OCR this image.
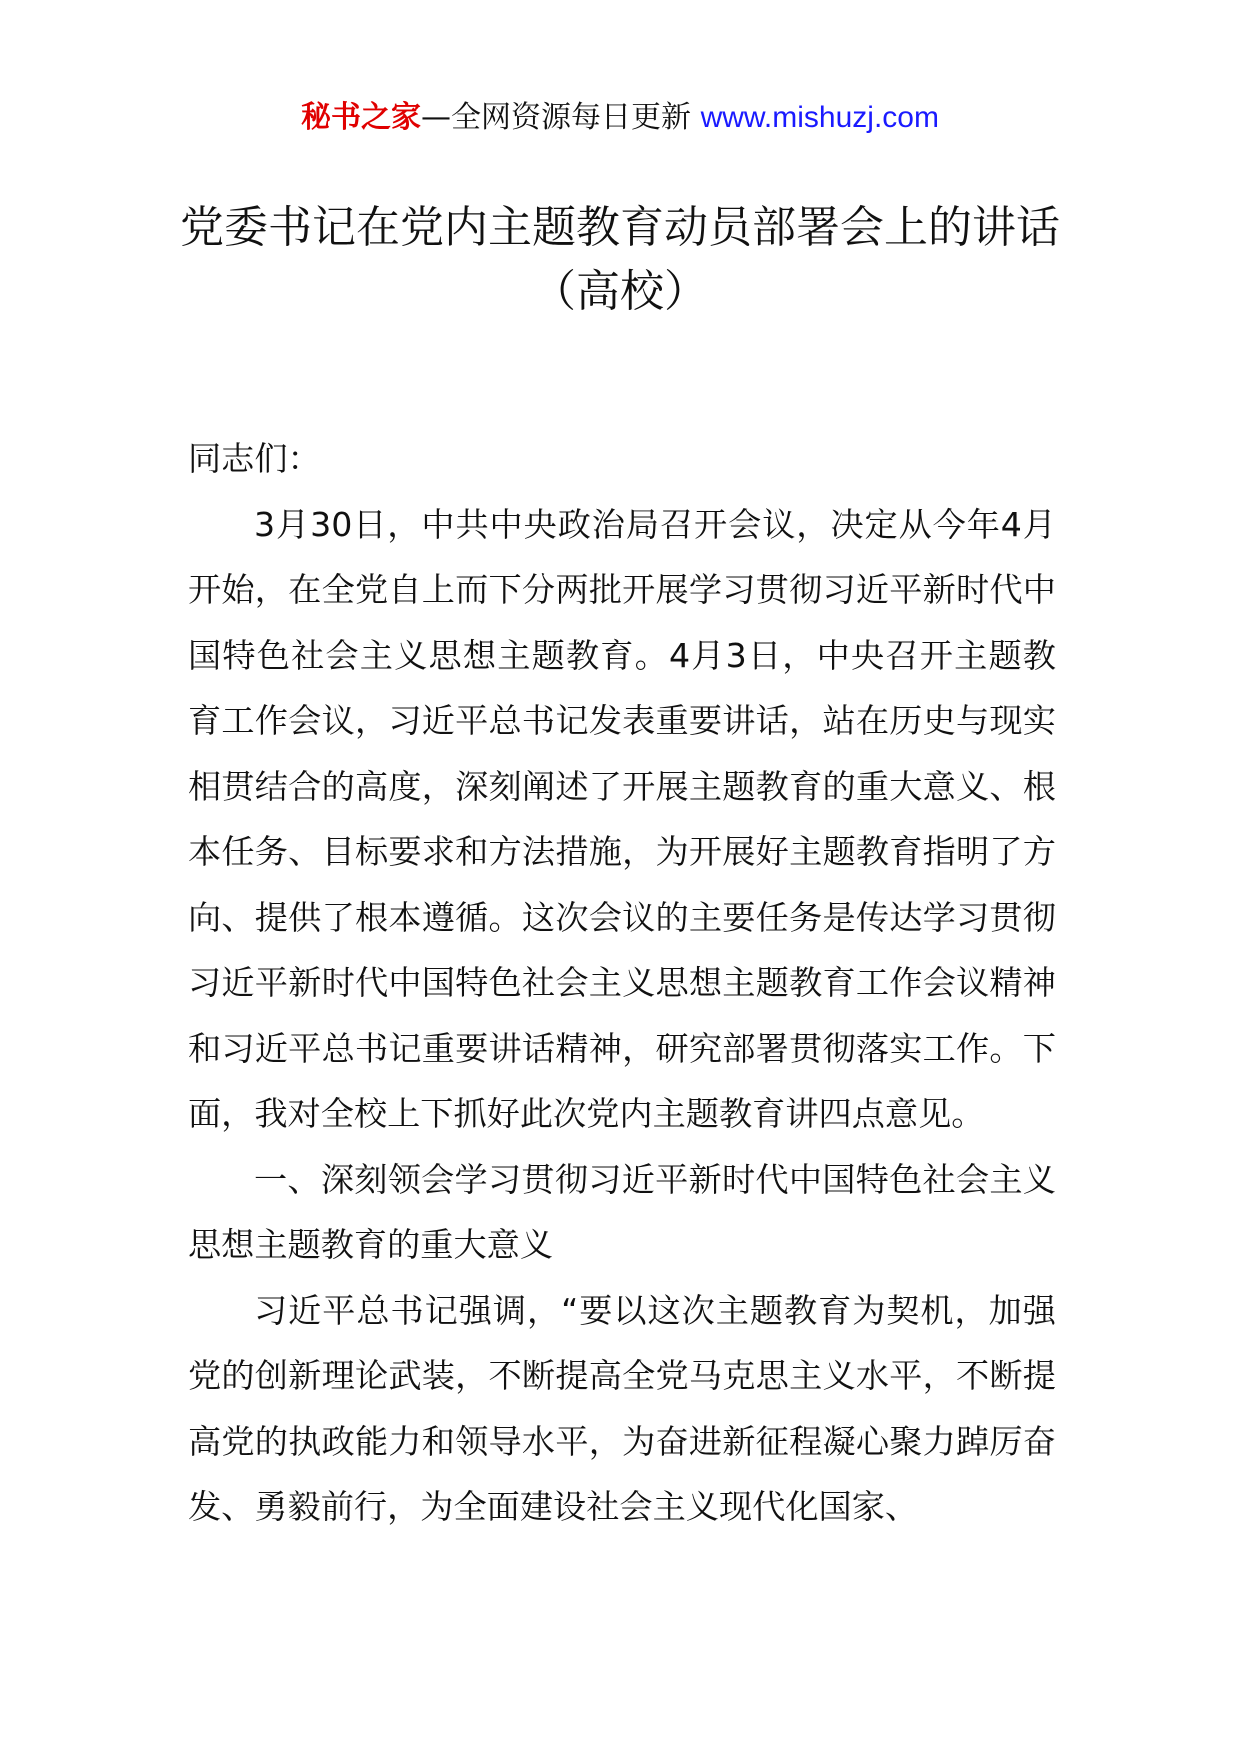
秘书之家—全网资源每日更新 www.mishuzj.com
党委书记在党内主题教育动员部署会上的讲话（高校）

同志们：

3月30日，中共中央政治局召开会议，决定从今年4月开始，在全党自上而下分两批开展学习贯彻习近平新时代中国特色社会主义思想主题教育。4月3日，中央召开主题教育工作会议，习近平总书记发表重要讲话，站在历史与现实相贯结合的高度，深刻阐述了开展主题教育的重大意义、根本任务、目标要求和方法措施，为开展好主题教育指明了方向、提供了根本遵循。这次会议的主要任务是传达学习贯彻习近平新时代中国特色社会主义思想主题教育工作会议精神和习近平总书记重要讲话精神，研究部署贯彻落实工作。下面，我对全校上下抓好此次党内主题教育讲四点意见。

一、深刻领会学习贯彻习近平新时代中国特色社会主义思想主题教育的重大意义

习近平总书记强调，“要以这次主题教育为契机，加强党的创新理论武装，不断提高全党马克思主义水平，不断提高党的执政能力和领导水平，为奋进新征程凝心聚力踔厉奋发、勇毅前行，为全面建设社会主义现代化国家、
